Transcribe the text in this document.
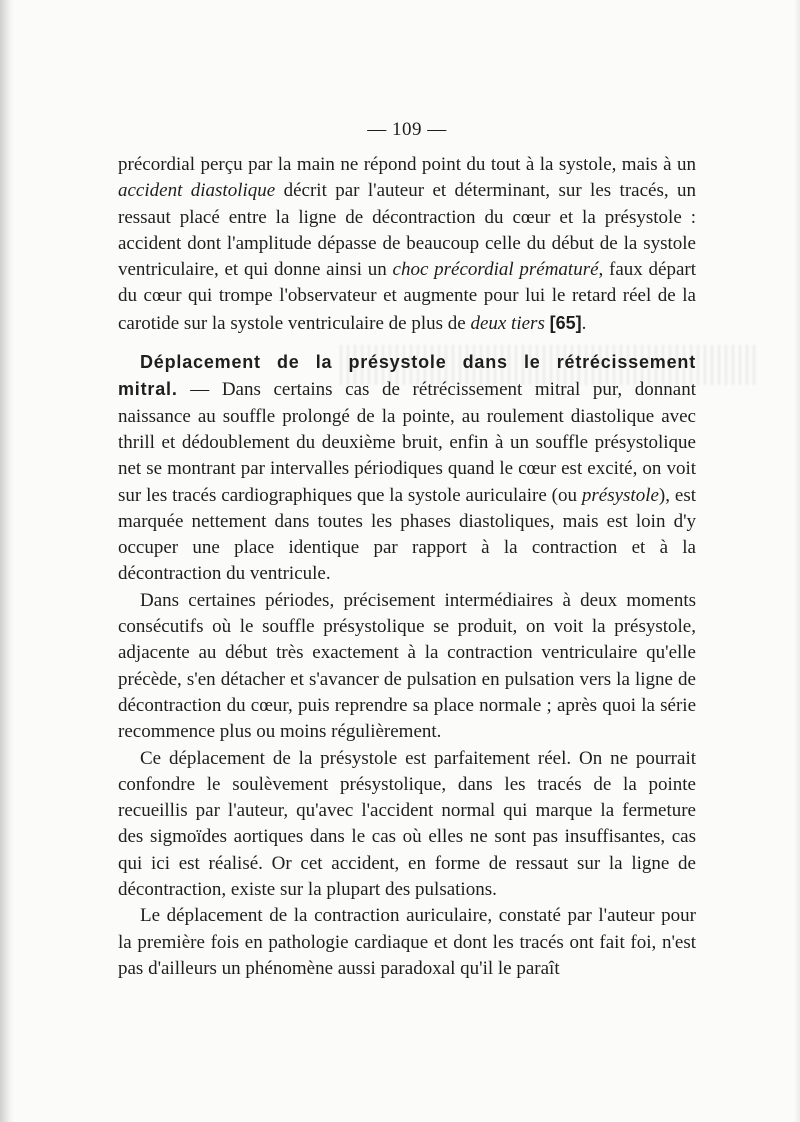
— 109 —

précordial perçu par la main ne répond point du tout à la systole, mais à un accident diastolique décrit par l'auteur et déterminant, sur les tracés, un ressaut placé entre la ligne de décontraction du cœur et la présystole : accident dont l'amplitude dépasse de beaucoup celle du début de la systole ventriculaire, et qui donne ainsi un choc précordial prématuré, faux départ du cœur qui trompe l'observateur et augmente pour lui le retard réel de la carotide sur la systole ventriculaire de plus de deux tiers [65].

Déplacement de la présystole dans le rétrécissement mitral. — Dans certains cas de rétrécissement mitral pur, donnant naissance au souffle prolongé de la pointe, au roulement diastolique avec thrill et dédoublement du deuxième bruit, enfin à un souffle présystolique net se montrant par intervalles périodiques quand le cœur est excité, on voit sur les tracés cardiographiques que la systole auriculaire (ou présystole), est marquée nettement dans toutes les phases diastoliques, mais est loin d'y occuper une place identique par rapport à la contraction et à la décontraction du ventricule.

Dans certaines périodes, précisement intermédiaires à deux moments consécutifs où le souffle présystolique se produit, on voit la présystole, adjacente au début très exactement à la contraction ventriculaire qu'elle précède, s'en détacher et s'avancer de pulsation en pulsation vers la ligne de décontraction du cœur, puis reprendre sa place normale ; après quoi la série recommence plus ou moins régulièrement.

Ce déplacement de la présystole est parfaitement réel. On ne pourrait confondre le soulèvement présystolique, dans les tracés de la pointe recueillis par l'auteur, qu'avec l'accident normal qui marque la fermeture des sigmoïdes aortiques dans le cas où elles ne sont pas insuffisantes, cas qui ici est réalisé. Or cet accident, en forme de ressaut sur la ligne de décontraction, existe sur la plupart des pulsations.

Le déplacement de la contraction auriculaire, constaté par l'auteur pour la première fois en pathologie cardiaque et dont les tracés ont fait foi, n'est pas d'ailleurs un phénomène aussi paradoxal qu'il le paraît
